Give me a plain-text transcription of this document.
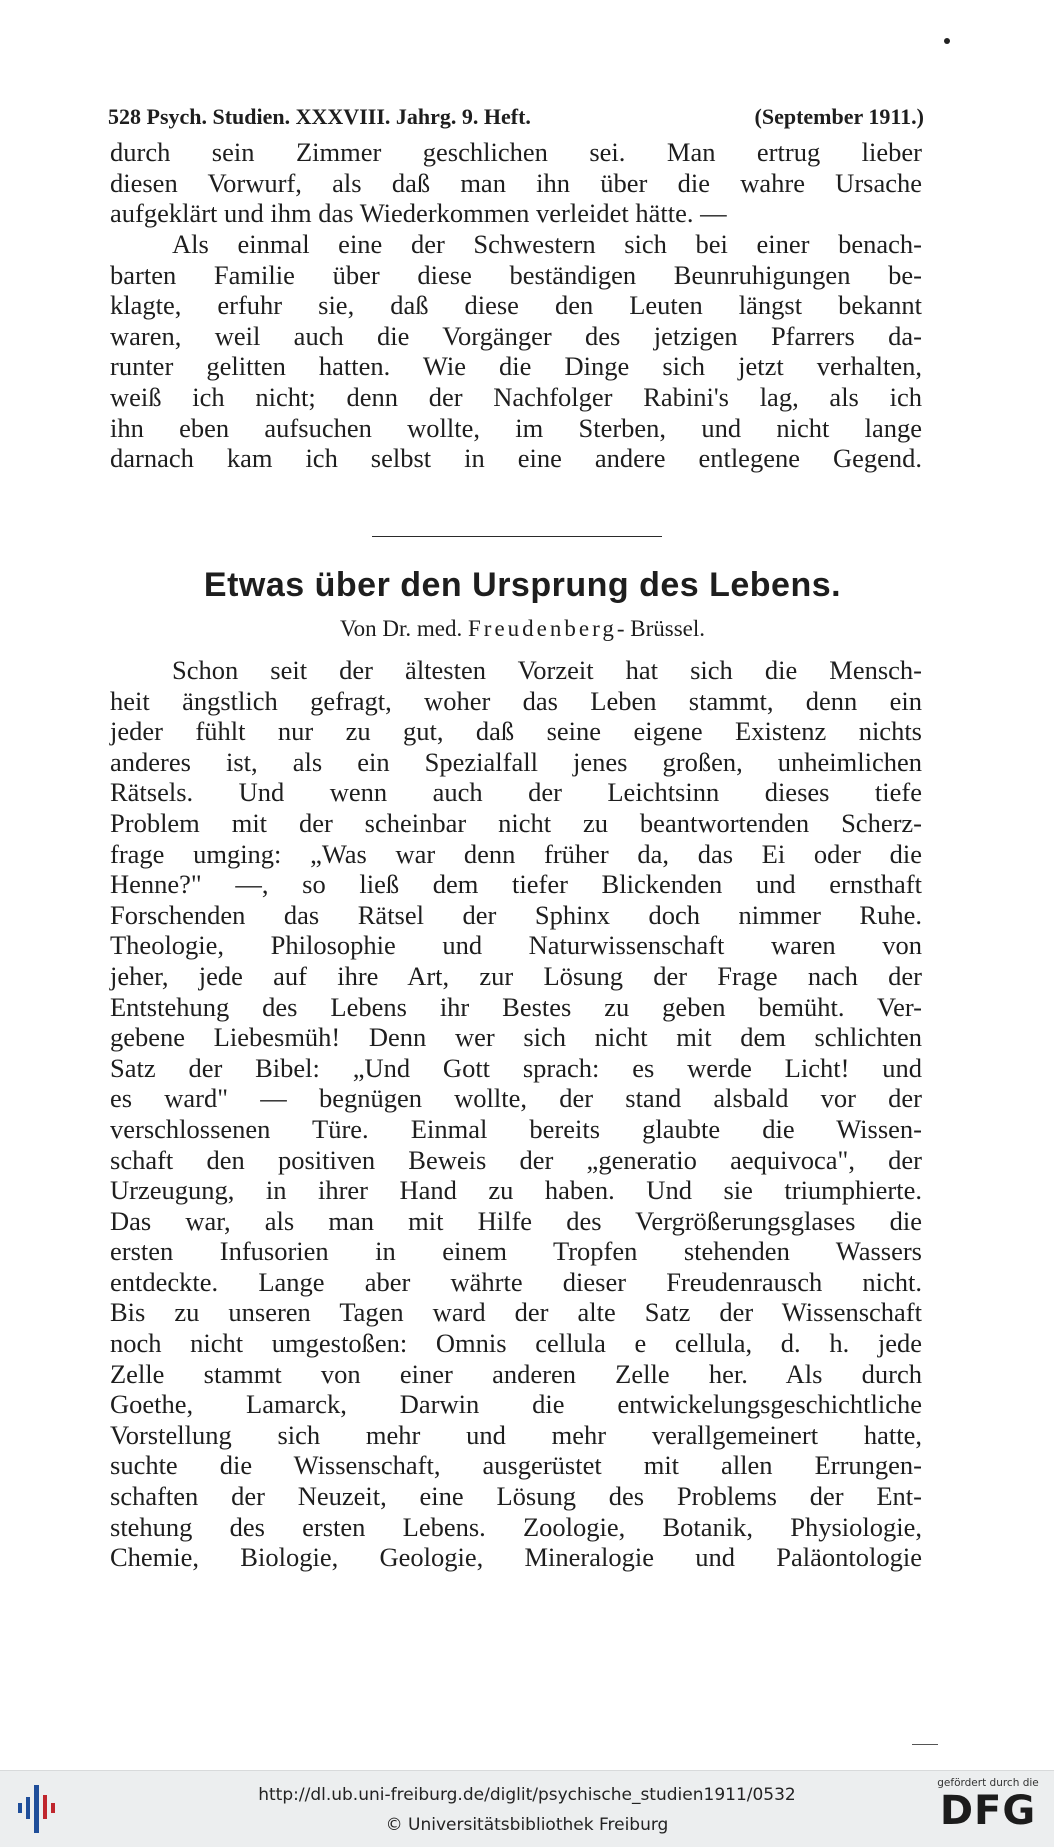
528 Psych. Studien. XXXVIII. Jahrg. 9. Heft.	(September 1911.)
durch sein Zimmer geschlichen sei. Man ertrug lieber
diesen Vorwurf, als daß man ihn über die wahre Ursache
aufgeklärt und ihm das Wiederkommen verleidet hätte. —
Als einmal eine der Schwestern sich bei einer benach-
barten Familie über diese beständigen Beunruhigungen be-
klagte, erfuhr sie, daß diese den Leuten längst bekannt
waren, weil auch die Vorgänger des jetzigen Pfarrers da-
runter gelitten hatten. Wie die Dinge sich jetzt verhalten,
weiß ich nicht; denn der Nachfolger Rabini's lag, als ich
ihn eben aufsuchen wollte, im Sterben, und nicht lange
darnach kam ich selbst in eine andere entlegene Gegend.
Etwas über den Ursprung des Lebens.

Von Dr. med. Freudenberg- Brüssel.

Schon seit der ältesten Vorzeit hat sich die Mensch-
heit ängstlich gefragt, woher das Leben stammt, denn ein
jeder fühlt nur zu gut, daß seine eigene Existenz nichts
anderes ist, als ein Spezialfall jenes großen, unheimlichen
Rätsels. Und wenn auch der Leichtsinn dieses tiefe
Problem mit der scheinbar nicht zu beantwortenden Scherz-
frage umging: „Was war denn früher da, das Ei oder die
Henne?" —, so ließ dem tiefer Blickenden und ernsthaft
Forschenden das Rätsel der Sphinx doch nimmer Ruhe.
Theologie, Philosophie und Naturwissenschaft waren von
jeher, jede auf ihre Art, zur Lösung der Frage nach der
Entstehung des Lebens ihr Bestes zu geben bemüht. Ver-
gebene Liebesmüh! Denn wer sich nicht mit dem schlichten
Satz der Bibel: „Und Gott sprach: es werde Licht! und
es ward" — begnügen wollte, der stand alsbald vor der
verschlossenen Türe. Einmal bereits glaubte die Wissen-
schaft den positiven Beweis der „generatio aequivoca", der
Urzeugung, in ihrer Hand zu haben. Und sie triumphierte.
Das war, als man mit Hilfe des Vergrößerungsglases die
ersten Infusorien in einem Tropfen stehenden Wassers
entdeckte. Lange aber währte dieser Freudenrausch nicht.
Bis zu unseren Tagen ward der alte Satz der Wissenschaft
noch nicht umgestoßen: Omnis cellula e cellula, d. h. jede
Zelle stammt von einer anderen Zelle her. Als durch
Goethe, Lamarck, Darwin die entwickelungsgeschichtliche
Vorstellung sich mehr und mehr verallgemeinert hatte,
suchte die Wissenschaft, ausgerüstet mit allen Errungen-
schaften der Neuzeit, eine Lösung des Problems der Ent-
stehung des ersten Lebens. Zoologie, Botanik, Physiologie,
Chemie, Biologie, Geologie, Mineralogie und Paläontologie
http://dl.ub.uni-freiburg.de/diglit/psychische_studien1911/0532
© Universitätsbibliothek Freiburg
gefördert durch die
DFG
